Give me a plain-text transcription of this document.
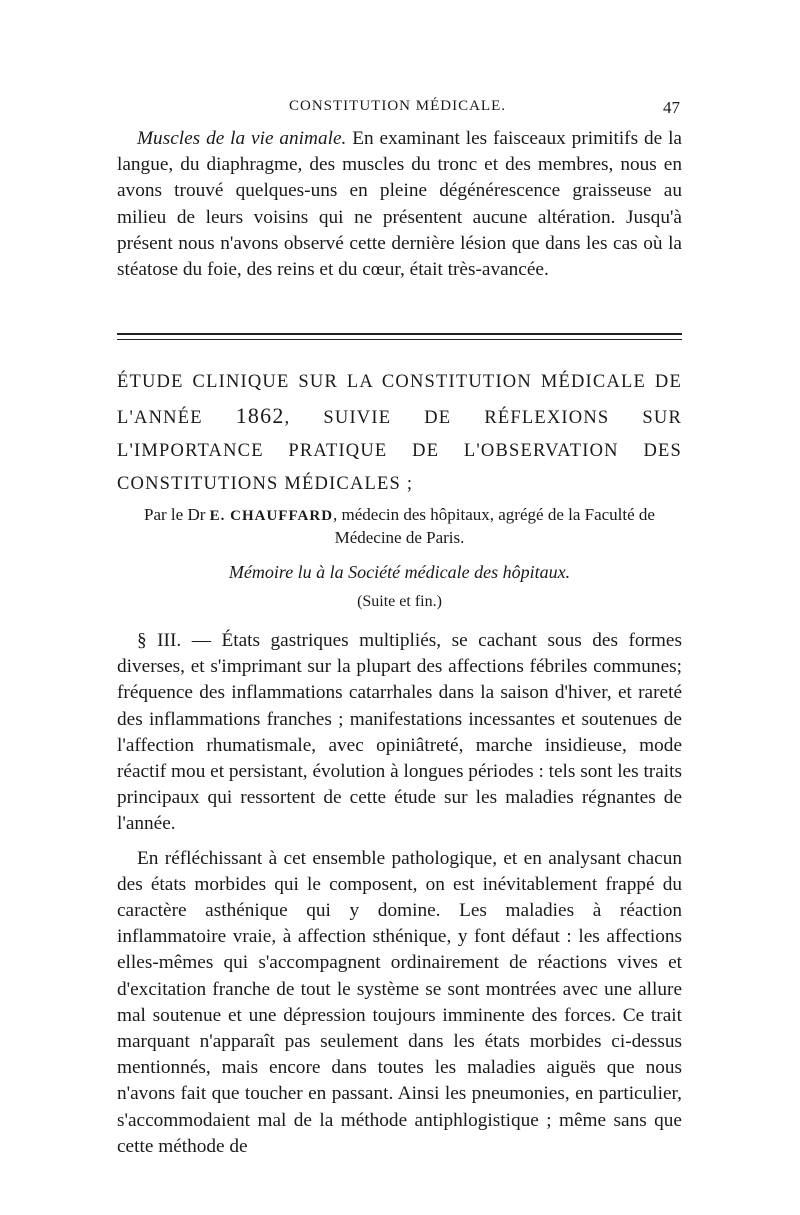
CONSTITUTION MÉDICALE.	47

Muscles de la vie animale. En examinant les faisceaux primitifs de la langue, du diaphragme, des muscles du tronc et des membres, nous en avons trouvé quelques-uns en pleine dégénérescence graisseuse au milieu de leurs voisins qui ne présentent aucune altération. Jusqu'à présent nous n'avons observé cette dernière lésion que dans les cas où la stéatose du foie, des reins et du cœur, était très-avancée.

ÉTUDE CLINIQUE SUR LA CONSTITUTION MÉDICALE DE L'ANNÉE 1862, SUIVIE DE RÉFLEXIONS SUR L'IMPORTANCE PRATIQUE DE L'OBSERVATION DES CONSTITUTIONS MÉDICALES ;
Par le Dr E. CHAUFFARD, médecin des hôpitaux, agrégé de la Faculté de Médecine de Paris.
Mémoire lu à la Société médicale des hôpitaux.
(Suite et fin.)

§ III. — États gastriques multipliés, se cachant sous des formes diverses, et s'imprimant sur la plupart des affections fébriles communes; fréquence des inflammations catarrhales dans la saison d'hiver, et rareté des inflammations franches ; manifestations incessantes et soutenues de l'affection rhumatismale, avec opiniâtreté, marche insidieuse, mode réactif mou et persistant, évolution à longues périodes : tels sont les traits principaux qui ressortent de cette étude sur les maladies régnantes de l'année.

En réfléchissant à cet ensemble pathologique, et en analysant chacun des états morbides qui le composent, on est inévitablement frappé du caractère asthénique qui y domine. Les maladies à réaction inflammatoire vraie, à affection sthénique, y font défaut : les affections elles-mêmes qui s'accompagnent ordinairement de réactions vives et d'excitation franche de tout le système se sont montrées avec une allure mal soutenue et une dépression toujours imminente des forces. Ce trait marquant n'apparaît pas seulement dans les états morbides ci-dessus mentionnés, mais encore dans toutes les maladies aiguës que nous n'avons fait que toucher en passant. Ainsi les pneumonies, en particulier, s'accommodaient mal de la méthode antiphlogistique ; même sans que cette méthode de
